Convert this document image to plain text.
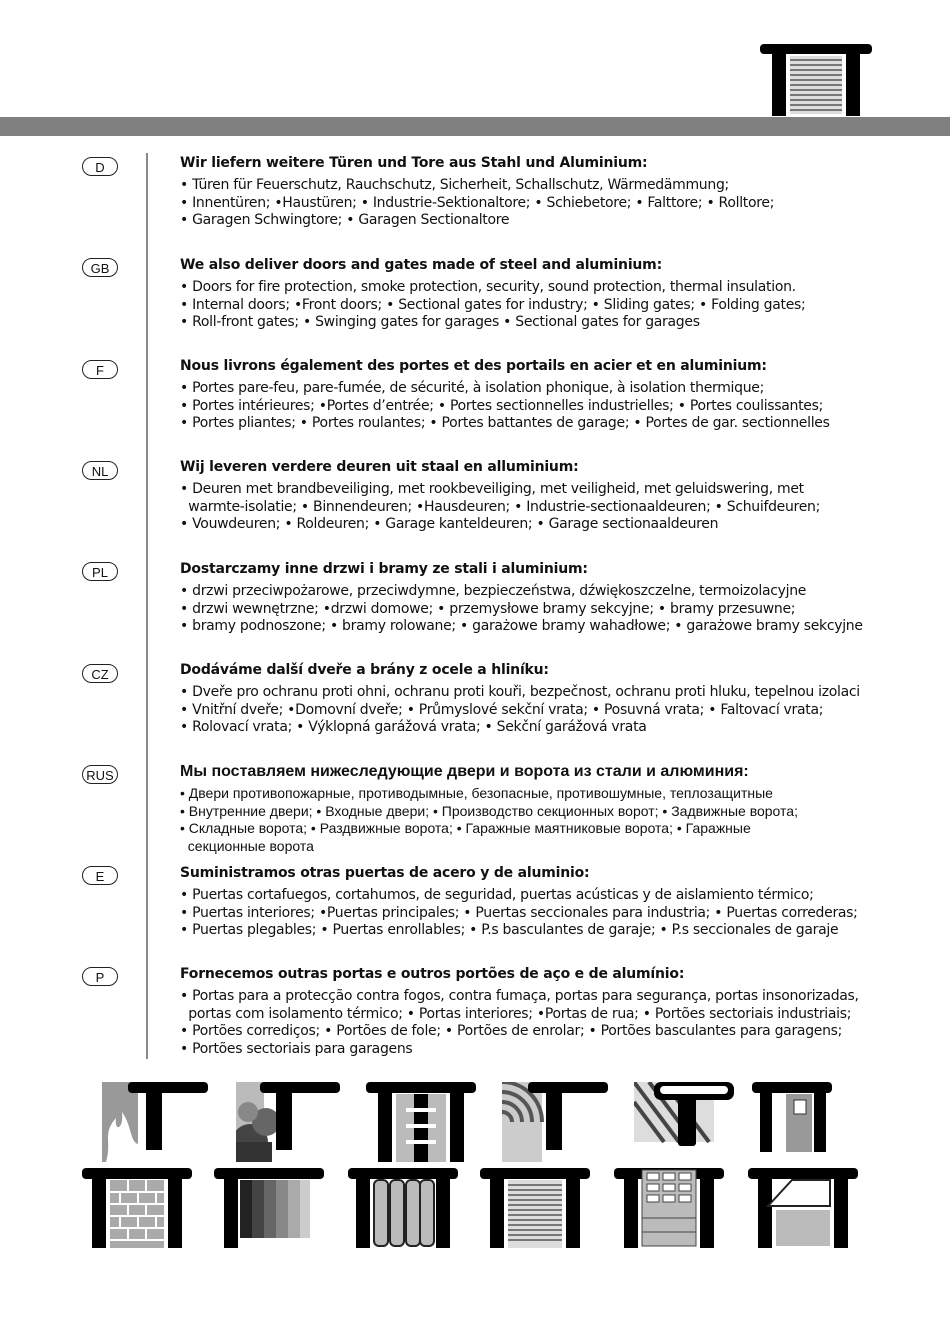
D
GB
F
NL
PL
CZ
RUS
E
P
Wir liefern weitere Türen und Tore aus Stahl und Aluminium:
• Türen für Feuerschutz, Rauchschutz, Sicherheit, Schallschutz, Wärmedämmung;
• Innentüren; •Haustüren; • Industrie-Sektionaltore; • Schiebetore; • Falttore; • Rolltore;
• Garagen Schwingtore; • Garagen Sectionaltore
We also deliver doors and gates made of steel and aluminium:
• Doors for fire protection, smoke protection, security, sound protection, thermal insulation.
• Internal doors; •Front doors; • Sectional gates for industry; • Sliding gates; • Folding gates;
• Roll-front gates; • Swinging gates for garages • Sectional gates for garages
Nous livrons également des portes et des portails en acier et en aluminium:
• Portes pare-feu, pare-fumée, de sécurité, à isolation phonique, à isolation thermique;
• Portes intérieures; •Portes d’entrée; • Portes sectionnelles industrielles; • Portes coulissantes;
• Portes pliantes; • Portes roulantes; • Portes battantes de garage; • Portes de gar. sectionnelles
Wij leveren verdere deuren uit staal en alluminium:
• Deuren met brandbeveiliging, met rookbeveiliging, met veiligheid, met geluidswering, met
warmte-isolatie; • Binnendeuren; •Hausdeuren; • Industrie-sectionaaldeuren; • Schuifdeuren;
• Vouwdeuren; • Roldeuren; • Garage kanteldeuren; • Garage sectionaaldeuren
Dostarczamy inne drzwi i bramy ze stali i aluminium:
• drzwi przeciwpożarowe, przeciwdymne, bezpieczeństwa, dźwiękoszczelne, termoizolacyjne
• drzwi wewnętrzne; •drzwi domowe; • przemysłowe bramy sekcyjne; • bramy przesuwne;
• bramy podnoszone; • bramy rolowane; • garażowe bramy wahadłowe; • garażowe bramy sekcyjne
Dodáváme další dveře a brány z ocele a hliníku:
• Dveře pro ochranu proti ohni, ochranu proti kouři, bezpečnost, ochranu proti hluku, tepelnou izolaci
• Vnitřní dveře; •Domovní dveře; • Průmyslové sekční vrata; • Posuvná vrata; • Faltovací vrata;
• Rolovací vrata; • Výklopná garážová vrata; • Sekční garážová vrata
Мы поставляем нижеследующие двери и ворота из стали и алюминия:
• Двери противопожарные, противодымные, безопасные, противошумные, теплозащитные
• Внутренние двери; • Входные двери; • Производство секционных ворот; • Задвижные ворота;
• Складные ворота; • Раздвижные ворота; • Гаражные маятниковые ворота; • Гаражные
секционные ворота
Suministramos otras puertas de acero y de aluminio:
• Puertas cortafuegos, cortahumos, de seguridad, puertas acústicas y de aislamiento térmico;
• Puertas interiores; •Puertas principales; • Puertas seccionales para industria; • Puertas correderas;
• Puertas plegables; • Puertas enrollables; • P.s basculantes de garaje; • P.s seccionales de garaje
Fornecemos outras portas e outros portões de aço e de alumínio:
• Portas para a protecção contra fogos, contra fumaça, portas para segurança, portas insonorizadas,
portas com isolamento térmico; • Portas interiores; •Portas de rua; • Portões sectoriais industriais;
• Portões corrediços; • Portões de fole; • Portões de enrolar; • Portões basculantes para garagens;
• Portões sectoriais para garagens
